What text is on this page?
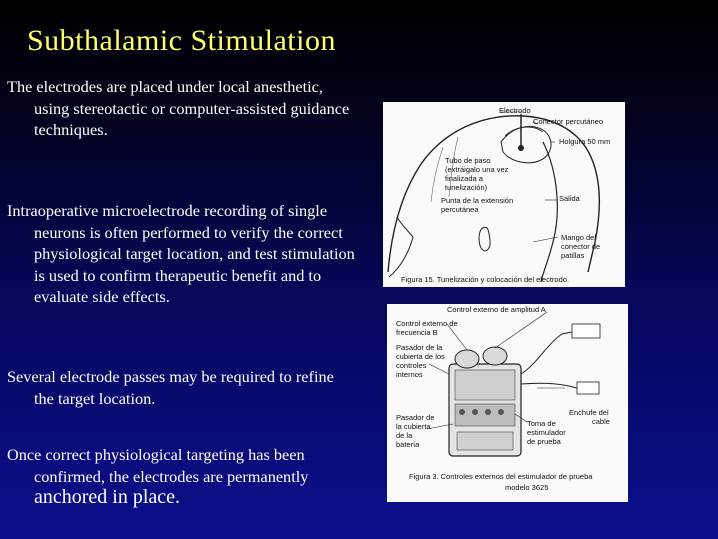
Subthalamic Stimulation

The electrodes are placed under local anesthetic, using stereotactic or computer-assisted guidance techniques.

Intraoperative microelectrode recording of single neurons is often performed to verify the correct physiological target location, and test stimulation is used to confirm therapeutic benefit and to evaluate side effects.

Several electrode passes may be required to refine the target location.

Once correct physiological targeting has been confirmed, the electrodes are permanently anchored in place.

Electrodo
Conector percutáneo
Holgura 50 mm
Tubo de paso
(extráigalo una vez
finalizada a
tunelización)
Punta de la extensión
percutánea
Salida
Mango del
conector de
patillas
Figura 15. Tunelización y colocación del electrodo.
Control externo de amplitud A
Control externo de
frecuencia B
Pasador de la
cubierta de los
controles
internos
Pasador de
la cubierta
de la
batería
Toma de
estimulador
de prueba
Enchufe del
cable
Figura 3. Controles externos del estimulador de prueba
modelo 3625
